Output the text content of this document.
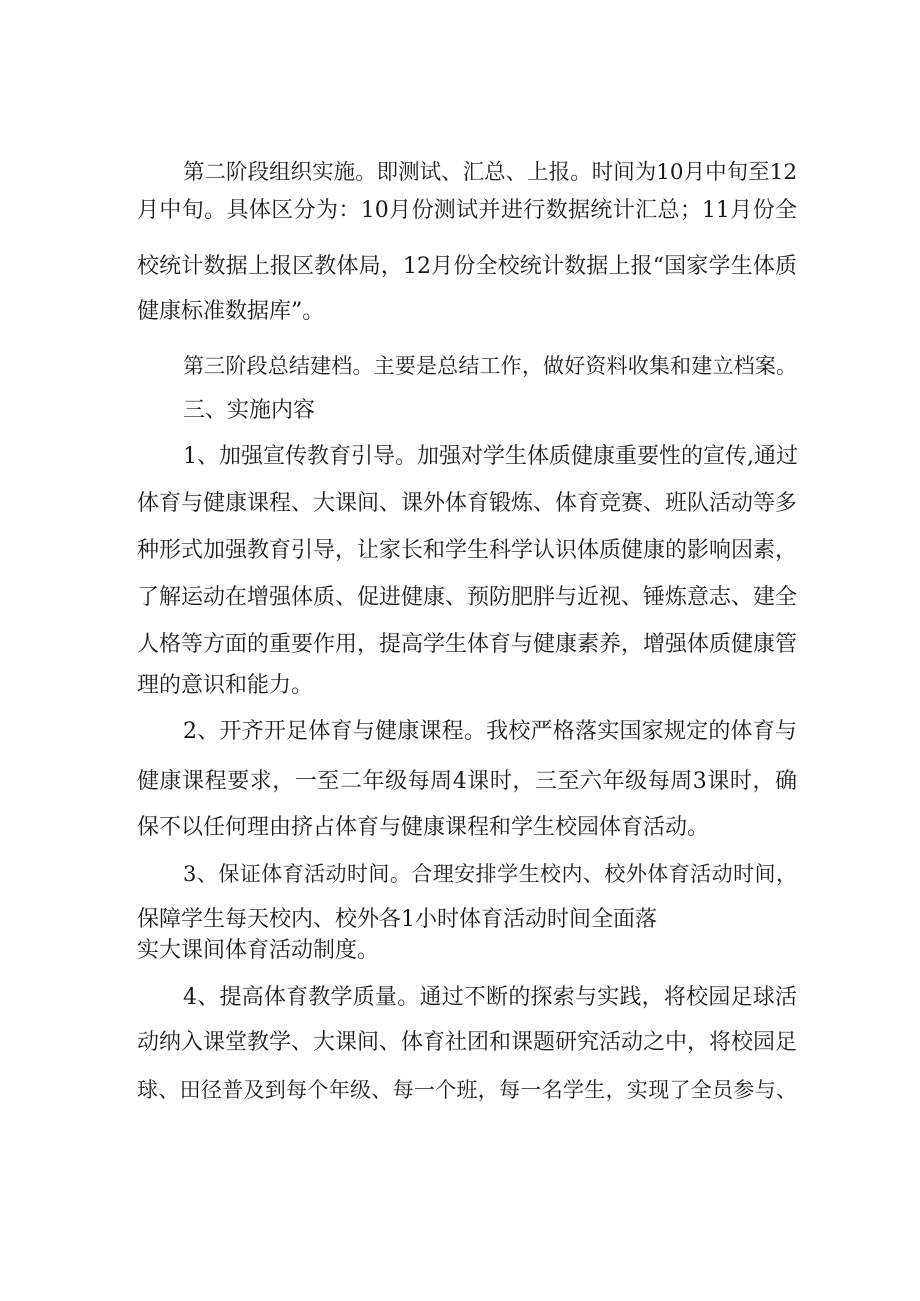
第二阶段组织实施。即测试、汇总、上报。时间为10月中旬至12
月中旬。具体区分为：10月份测试并进行数据统计汇总；11月份全
校统计数据上报区教体局，12月份全校统计数据上报“国家学生体质
健康标准数据库”。
第三阶段总结建档。主要是总结工作，做好资料收集和建立档案。
三、实施内容
1、加强宣传教育引导。加强对学生体质健康重要性的宣传,通过
体育与健康课程、大课间、课外体育锻炼、体育竞赛、班队活动等多
种形式加强教育引导，让家长和学生科学认识体质健康的影响因素，
了解运动在增强体质、促进健康、预防肥胖与近视、锤炼意志、建全
人格等方面的重要作用，提高学生体育与健康素养，增强体质健康管
理的意识和能力。
2、开齐开足体育与健康课程。我校严格落实国家规定的体育与
健康课程要求，一至二年级每周4课时，三至六年级每周3课时，确
保不以任何理由挤占体育与健康课程和学生校园体育活动。
3、保证体育活动时间。合理安排学生校内、校外体育活动时间，
保障学生每天校内、校外各1小时体育活动时间全面落
实大课间体育活动制度。
4、提高体育教学质量。通过不断的探索与实践，将校园足球活
动纳入课堂教学、大课间、体育社团和课题研究活动之中，将校园足
球、田径普及到每个年级、每一个班，每一名学生，实现了全员参与、
